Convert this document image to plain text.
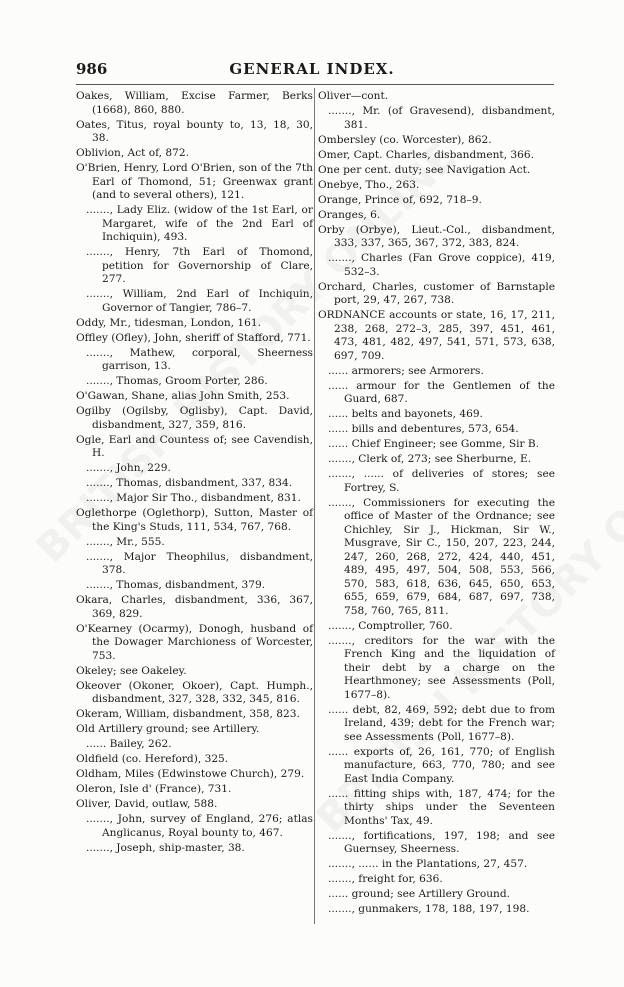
986	GENERAL INDEX.

Oakes, William, Excise Farmer, Berks (1668), 860, 880.

Oates, Titus, royal bounty to, 13, 18, 30, 38.

Oblivion, Act of, 872.

O'Brien, Henry, Lord O'Brien, son of the 7th Earl of Thomond, 51; Greenwax grant (and to several others), 121.

......., Lady Eliz. (widow of the 1st Earl, or Margaret, wife of the 2nd Earl of Inchiquin), 493.

......., Henry, 7th Earl of Thomond, petition for Governorship of Clare, 277.

......., William, 2nd Earl of Inchiquin, Governor of Tangier, 786–7.

Oddy, Mr., tidesman, London, 161.

Offley (Ofley), John, sheriff of Stafford, 771.

......., Mathew, corporal, Sheerness garrison, 13.

......., Thomas, Groom Porter, 286.

O'Gawan, Shane, alias John Smith, 253.

Ogilby (Ogilsby, Oglisby), Capt. David, disbandment, 327, 359, 816.

Ogle, Earl and Countess of; see Cavendish, H.

......., John, 229.

......., Thomas, disbandment, 337, 834.

......., Major Sir Tho., disbandment, 831.

Oglethorpe (Oglethorp), Sutton, Master of the King's Studs, 111, 534, 767, 768.

......., Mr., 555.

......., Major Theophilus, disbandment, 378.

......., Thomas, disbandment, 379.

Okara, Charles, disbandment, 336, 367, 369, 829.

O'Kearney (Ocarmy), Donogh, husband of the Dowager Marchioness of Worcester, 753.

Okeley; see Oakeley.

Okeover (Okoner, Okoer), Capt. Humph., disbandment, 327, 328, 332, 345, 816.

Okeram, William, disbandment, 358, 823.

Old Artillery ground; see Artillery.

...... Bailey, 262.

Oldfield (co. Hereford), 325.

Oldham, Miles (Edwinstowe Church), 279.

Oleron, Isle d' (France), 731.

Oliver, David, outlaw, 588.

......., John, survey of England, 276; atlas Anglicanus, Royal bounty to, 467.

......., Joseph, ship-master, 38.

Oliver—cont.

......., Mr. (of Gravesend), disbandment, 381.

Ombersley (co. Worcester), 862.

Omer, Capt. Charles, disbandment, 366.

One per cent. duty; see Navigation Act.

Onebye, Tho., 263.

Orange, Prince of, 692, 718–9.

Oranges, 6.

Orby (Orbye), Lieut.-Col., disbandment, 333, 337, 365, 367, 372, 383, 824.

......., Charles (Fan Grove coppice), 419, 532–3.

Orchard, Charles, customer of Barnstaple port, 29, 47, 267, 738.

ORDNANCE accounts or state, 16, 17, 211, 238, 268, 272–3, 285, 397, 451, 461, 473, 481, 482, 497, 541, 571, 573, 638, 697, 709.

...... armorers; see Armorers.

...... armour for the Gentlemen of the Guard, 687.

...... belts and bayonets, 469.

...... bills and debentures, 573, 654.

...... Chief Engineer; see Gomme, Sir B.

......., Clerk of, 273; see Sherburne, E.

......., ...... of deliveries of stores; see Fortrey, S.

......., Commissioners for executing the office of Master of the Ordnance; see Chichley, Sir J., Hickman, Sir W., Musgrave, Sir C., 150, 207, 223, 244, 247, 260, 268, 272, 424, 440, 451, 489, 495, 497, 504, 508, 553, 566, 570, 583, 618, 636, 645, 650, 653, 655, 659, 679, 684, 687, 697, 738, 758, 760, 765, 811.

......., Comptroller, 760.

......., creditors for the war with the French King and the liquidation of their debt by a charge on the Hearthmoney; see Assessments (Poll, 1677–8).

...... debt, 82, 469, 592; debt due to from Ireland, 439; debt for the French war; see Assessments (Poll, 1677–8).

...... exports of, 26, 161, 770; of English manufacture, 663, 770, 780; and see East India Company.

...... fitting ships with, 187, 474; for the thirty ships under the Seventeen Months' Tax, 49.

......., fortifications, 197, 198; and see Guernsey, Sheerness.

......., ...... in the Plantations, 27, 457.

......., freight for, 636.

...... ground; see Artillery Ground.

......., gunmakers, 178, 188, 197, 198.
